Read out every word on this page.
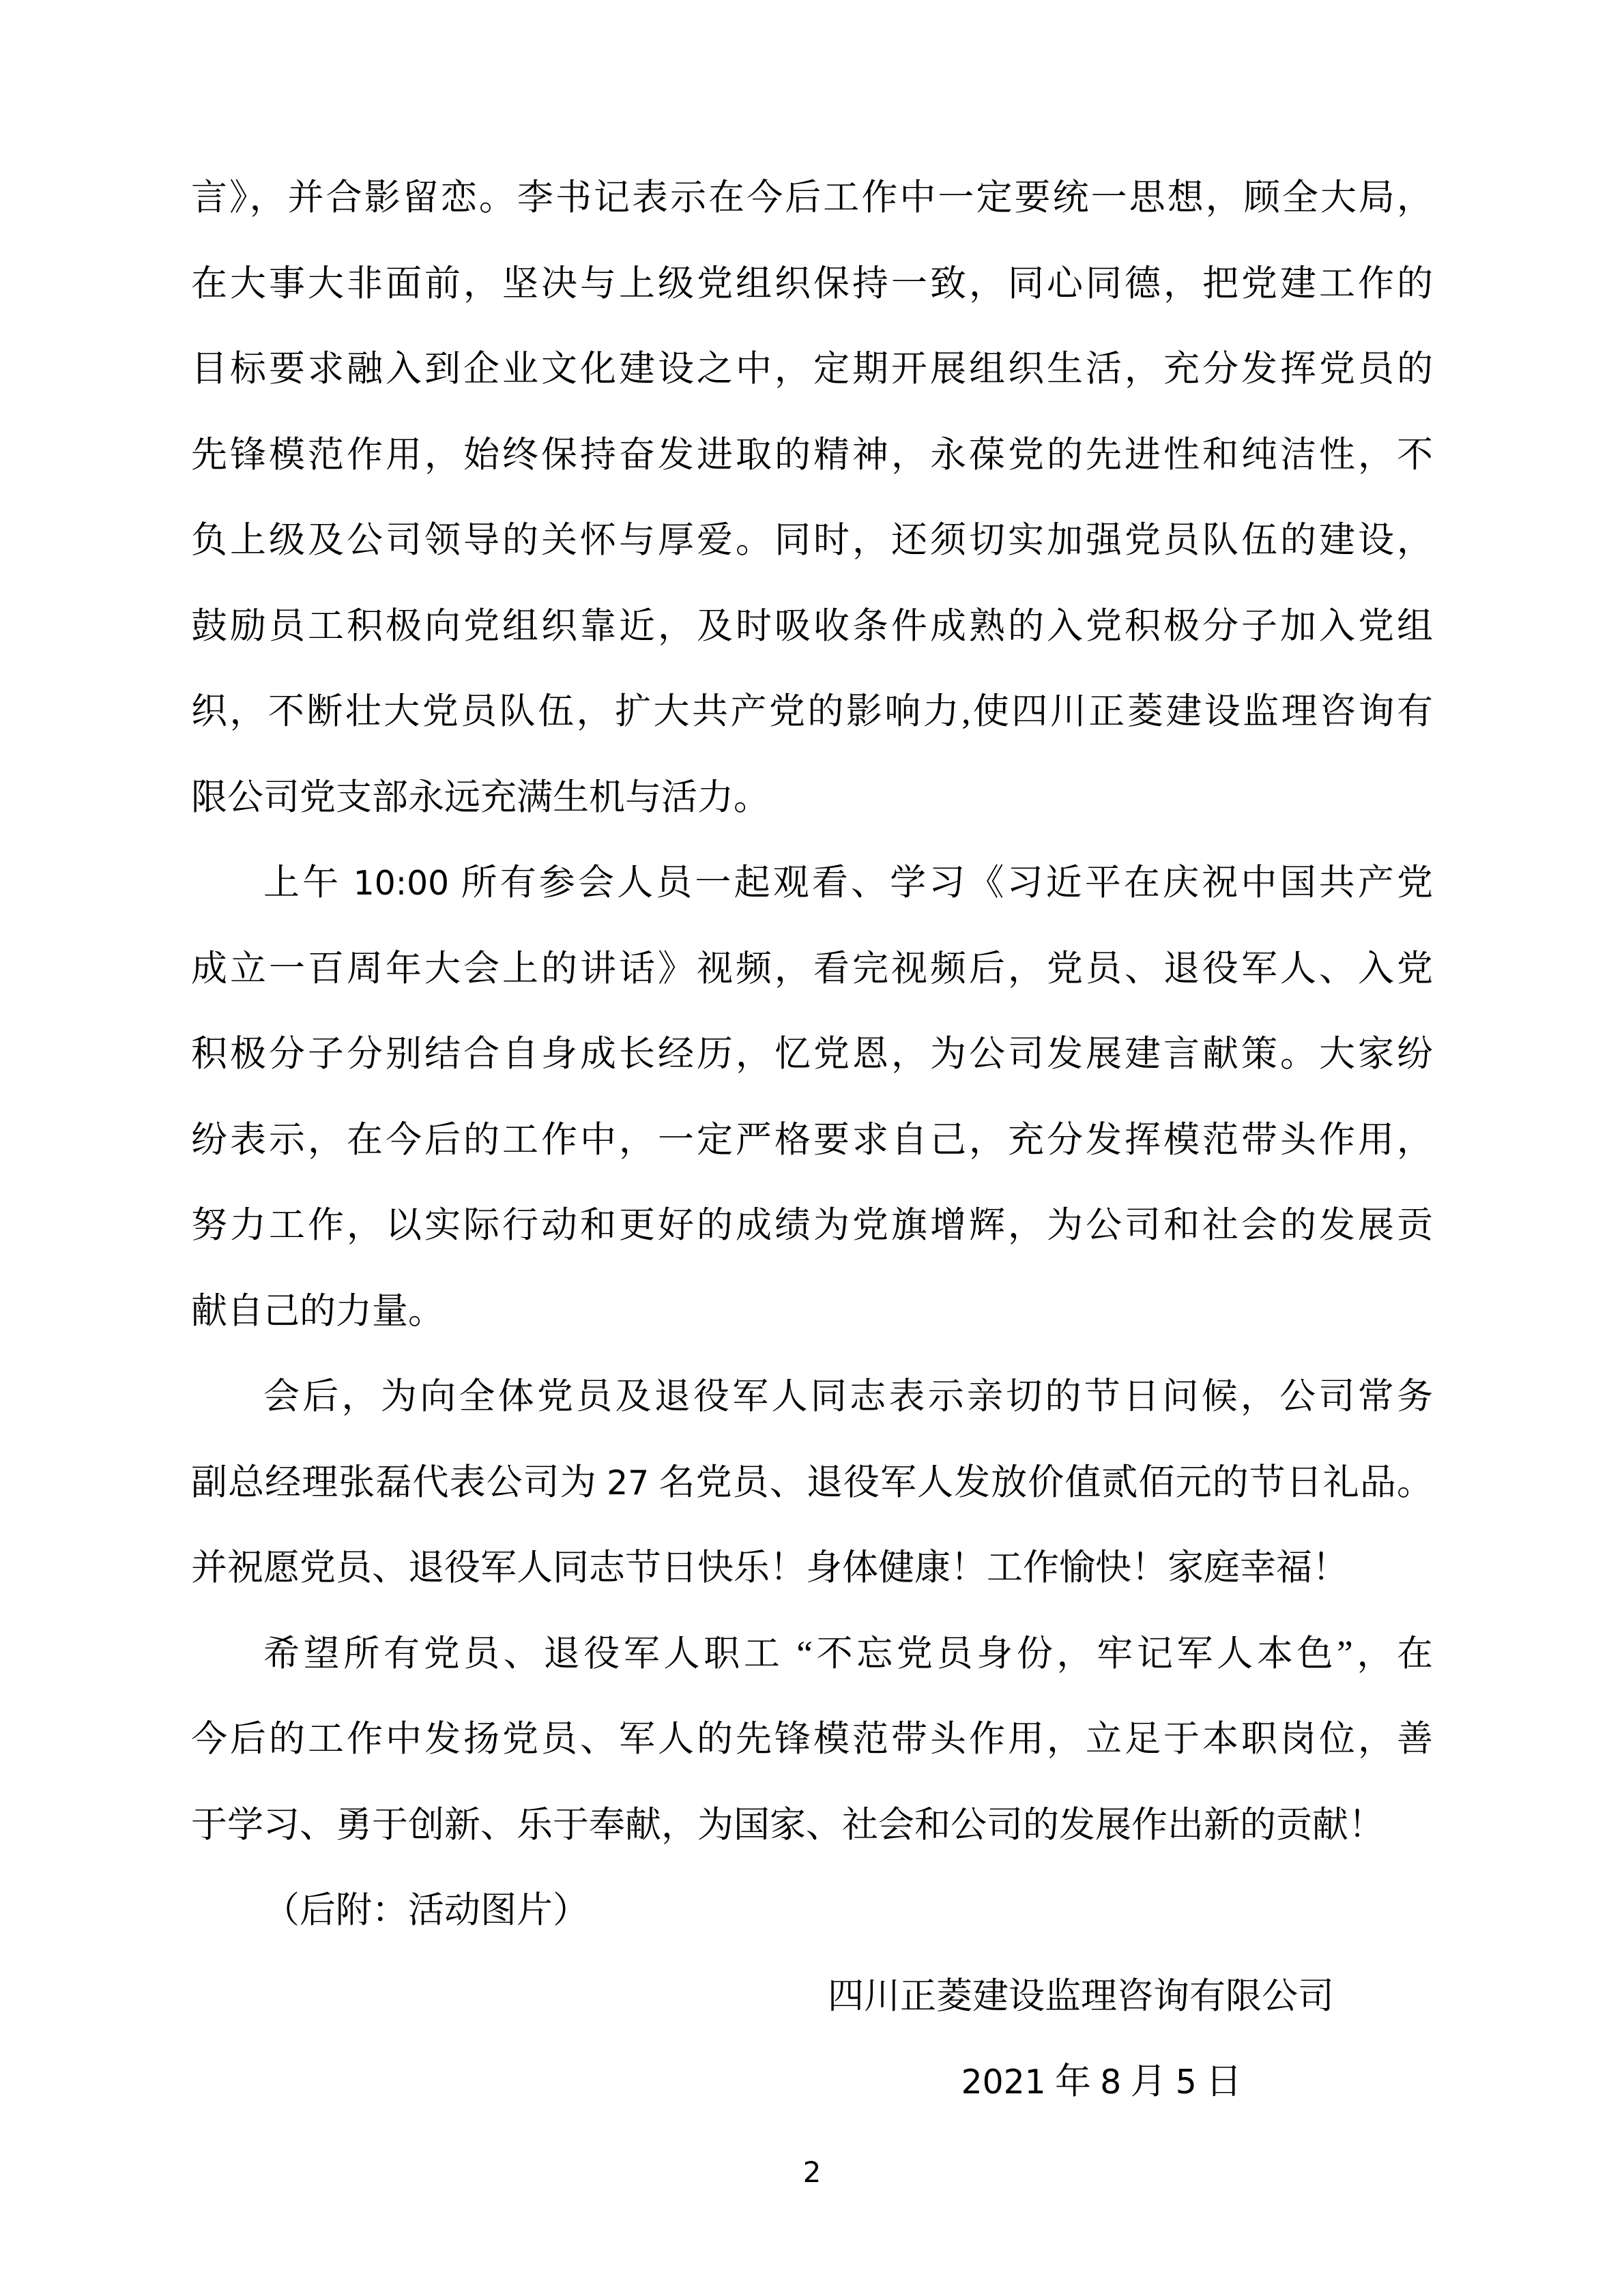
言》，并合影留恋。李书记表示在今后工作中一定要统一思想，顾全大局，
在大事大非面前，坚决与上级党组织保持一致，同心同德，把党建工作的
目标要求融入到企业文化建设之中，定期开展组织生活，充分发挥党员的
先锋模范作用，始终保持奋发进取的精神，永葆党的先进性和纯洁性，不
负上级及公司领导的关怀与厚爱。同时，还须切实加强党员队伍的建设，
鼓励员工积极向党组织靠近，及时吸收条件成熟的入党积极分子加入党组
织，不断壮大党员队伍，扩大共产党的影响力,使四川正菱建设监理咨询有
限公司党支部永远充满生机与活力。
上午 10:00 所有参会人员一起观看、学习《习近平在庆祝中国共产党
成立一百周年大会上的讲话》视频，看完视频后，党员、退役军人、入党
积极分子分别结合自身成长经历，忆党恩，为公司发展建言献策。大家纷
纷表示，在今后的工作中，一定严格要求自己，充分发挥模范带头作用，
努力工作，以实际行动和更好的成绩为党旗增辉，为公司和社会的发展贡
献自己的力量。
会后，为向全体党员及退役军人同志表示亲切的节日问候，公司常务
副总经理张磊代表公司为 27 名党员、退役军人发放价值贰佰元的节日礼品。
并祝愿党员、退役军人同志节日快乐！身体健康！工作愉快！家庭幸福！
希望所有党员、退役军人职工 “不忘党员身份，牢记军人本色”，在
今后的工作中发扬党员、军人的先锋模范带头作用，立足于本职岗位，善
于学习、勇于创新、乐于奉献，为国家、社会和公司的发展作出新的贡献！
（后附：活动图片）
四川正菱建设监理咨询有限公司
2021 年 8 月 5 日
2
